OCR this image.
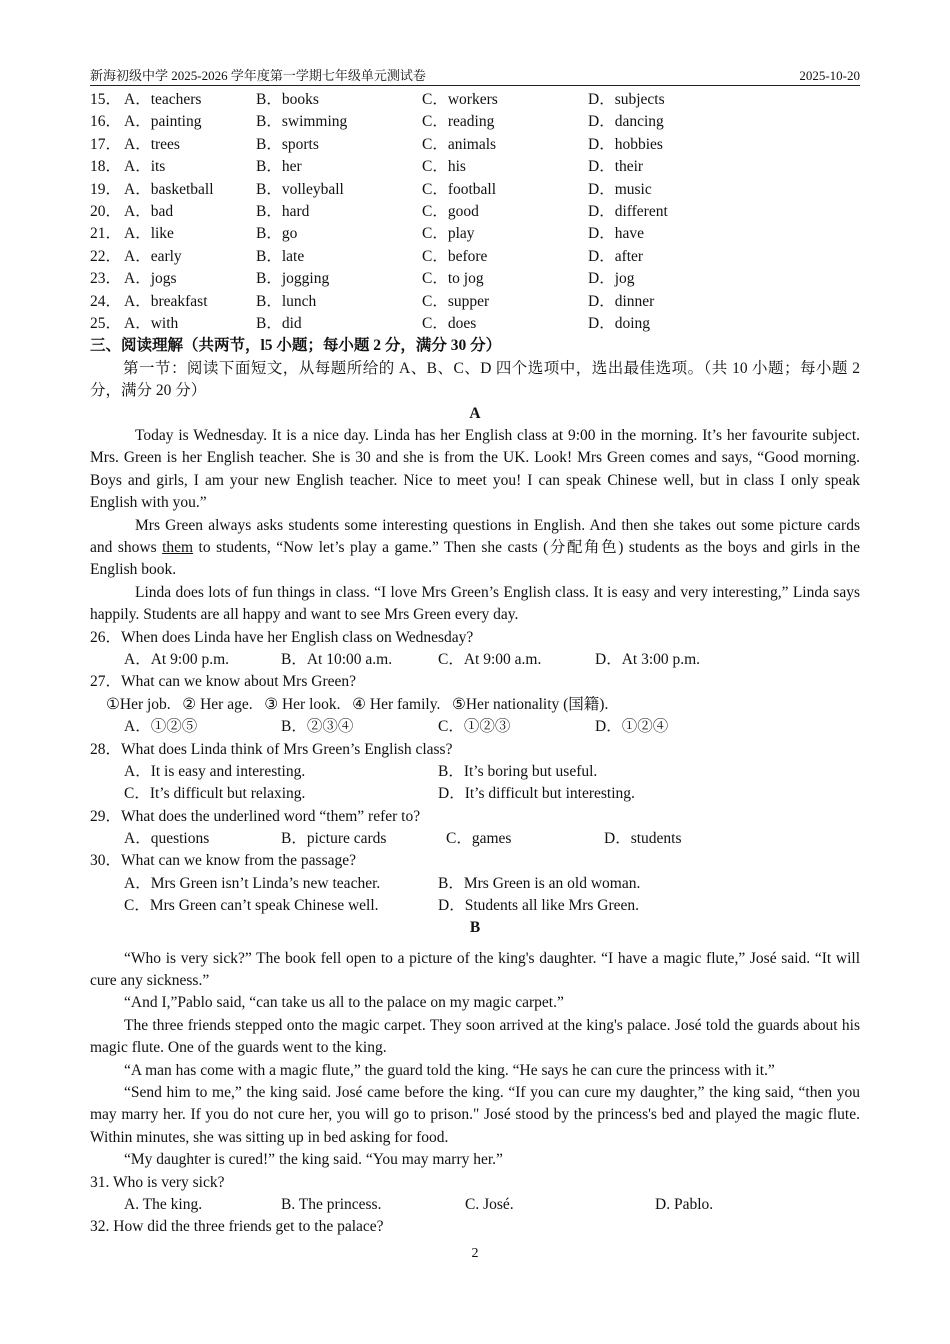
新海初级中学 2025-2026 学年度第一学期七年级单元测试卷	2025-10-20
15． A．teachers	B．books	C．workers	D．subjects
16． A．painting	B．swimming	C．reading	D．dancing
17． A．trees	B．sports	C．animals	D．hobbies
18． A．its	B．her	C．his	D．their
19． A．basketball	B．volleyball	C．football	D．music
20． A．bad	B．hard	C．good	D．different
21． A．like	B．go	C．play	D．have
22． A．early	B．late	C．before	D．after
23． A．jogs	B．jogging	C．to jog	D．jog
24． A．breakfast	B．lunch	C．supper	D．dinner
25． A．with	B．did	C．does	D．doing
三、阅读理解（共两节，l5 小题；每小题 2 分，满分 30 分）

第一节：阅读下面短文，从每题所给的 A、B、C、D 四个选项中，选出最佳选项。（共 10 小题；每小题 2 分，满分 20 分）

A

Today is Wednesday. It is a nice day. Linda has her English class at 9:00 in the morning. It’s her favourite subject. Mrs. Green is her English teacher. She is 30 and she is from the UK. Look! Mrs Green comes and says, “Good morning. Boys and girls, I am your new English teacher. Nice to meet you! I can speak Chinese well, but in class I only speak English with you.”

Mrs Green always asks students some interesting questions in English. And then she takes out some picture cards and shows them to students, “Now let’s play a game.” Then she casts (分配角色) students as the boys and girls in the English book.

Linda does lots of fun things in class. “I love Mrs Green’s English class. It is easy and very interesting,” Linda says happily. Students are all happy and want to see Mrs Green every day.

26．When does Linda have her English class on Wednesday?
A．At 9:00 p.m.	B．At 10:00 a.m.	C．At 9:00 a.m.	D．At 3:00 p.m.
27．What can we know about Mrs Green?
①Her job.   ② Her age.   ③ Her look.   ④ Her family.   ⑤Her nationality (国籍).
A．①②⑤	B．②③④	C．①②③	D．①②④
28．What does Linda think of Mrs Green’s English class?
A．It is easy and interesting.	B．It’s boring but useful.
C．It’s difficult but relaxing.	D．It’s difficult but interesting.
29．What does the underlined word “them” refer to?
A．questions	B．picture cards	C．games	D．students
30．What can we know from the passage?
A．Mrs Green isn’t Linda’s new teacher.	B．Mrs Green is an old woman.
C．Mrs Green can’t speak Chinese well.	D．Students all like Mrs Green.
B

“Who is very sick?” The book fell open to a picture of the king's daughter. “I have a magic flute,” José said. “It will cure any sickness.”

“And I,”Pablo said, “can take us all to the palace on my magic carpet.”

The three friends stepped onto the magic carpet. They soon arrived at the king's palace. José told the guards about his magic flute. One of the guards went to the king.

“A man has come with a magic flute,” the guard told the king. “He says he can cure the princess with it.”

“Send him to me,” the king said. José came before the king. “If you can cure my daughter,” the king said, “then you may marry her. If you do not cure her, you will go to prison." José stood by the princess's bed and played the magic flute. Within minutes, she was sitting up in bed asking for food.

“My daughter is cured!” the king said. “You may marry her.”

31. Who is very sick?
A. The king.	B. The princess.	C. José.	D. Pablo.
32. How did the three friends get to the palace?
2
